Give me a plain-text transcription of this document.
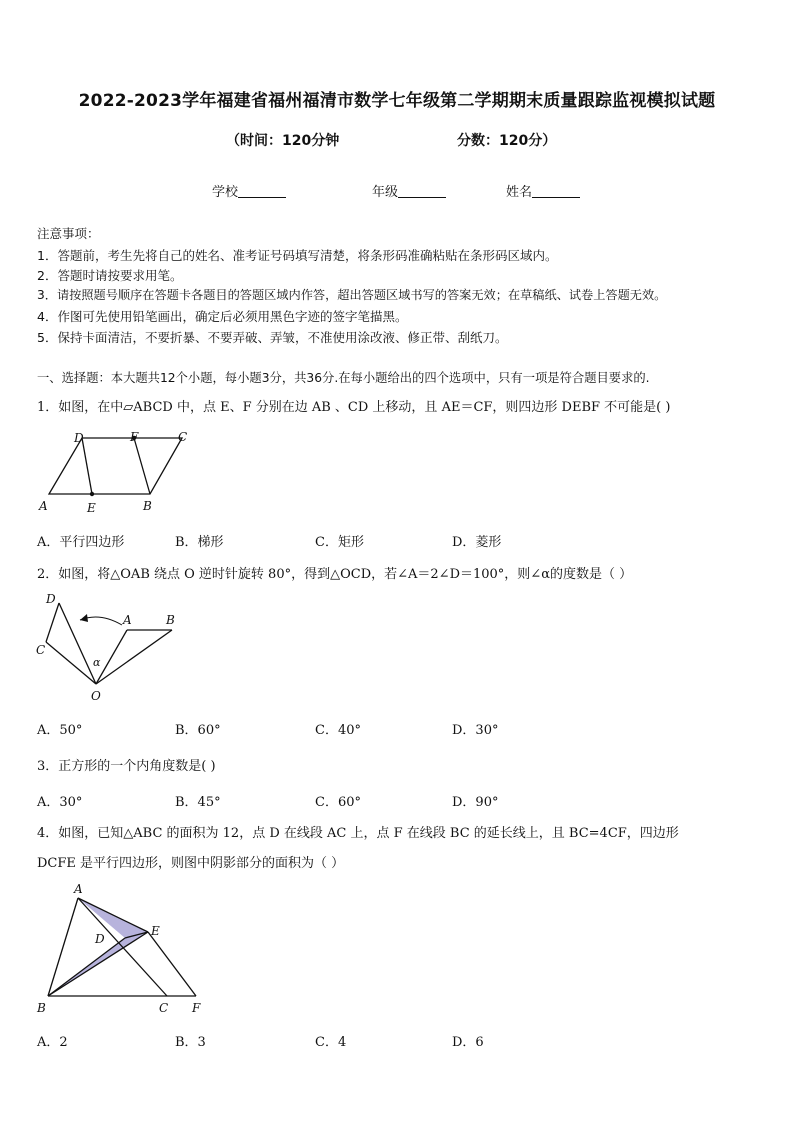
2022-2023学年福建省福州福清市数学七年级第二学期期末质量跟踪监视模拟试题
（时间：120分钟	分数：120分）
学校	年级	姓名
注意事项：
1．答题前，考生先将自己的姓名、准考证号码填写清楚，将条形码准确粘贴在条形码区域内。
2．答题时请按要求用笔。
3．请按照题号顺序在答题卡各题目的答题区域内作答，超出答题区域书写的答案无效；在草稿纸、试卷上答题无效。
4．作图可先使用铅笔画出，确定后必须用黑色字迹的签字笔描黑。
5．保持卡面清洁，不要折暴、不要弄破、弄皱，不准使用涂改液、修正带、刮纸刀。
一、选择题：本大题共12个小题，每小题3分，共36分.在每小题给出的四个选项中，只有一项是符合题目要求的.
1．如图，在中▱ABCD 中，点 E、F 分别在边 AB 、CD 上移动，且 AE＝CF，则四边形 DEBF 不可能是( )
D	F	C
A	E	B
A．平行四边形	B．梯形	C．矩形	D．菱形
2．如图，将△OAB 绕点 O 逆时针旋转 80°，得到△OCD，若∠A＝2∠D＝100°，则∠α的度数是（ ）
D
A	B
C
α
O
A．50°	B．60°	C．40°	D．30°
3．正方形的一个内角度数是( )
A．30°	B．45°	C．60°	D．90°
4．如图，已知△ABC 的面积为 12，点 D 在线段 AC 上，点 F 在线段 BC 的延长线上，且 BC=4CF，四边形
DCFE 是平行四边形，则图中阴影部分的面积为（ ）
A
D
E
B	C F
A．2	B．3	C．4	D．6
